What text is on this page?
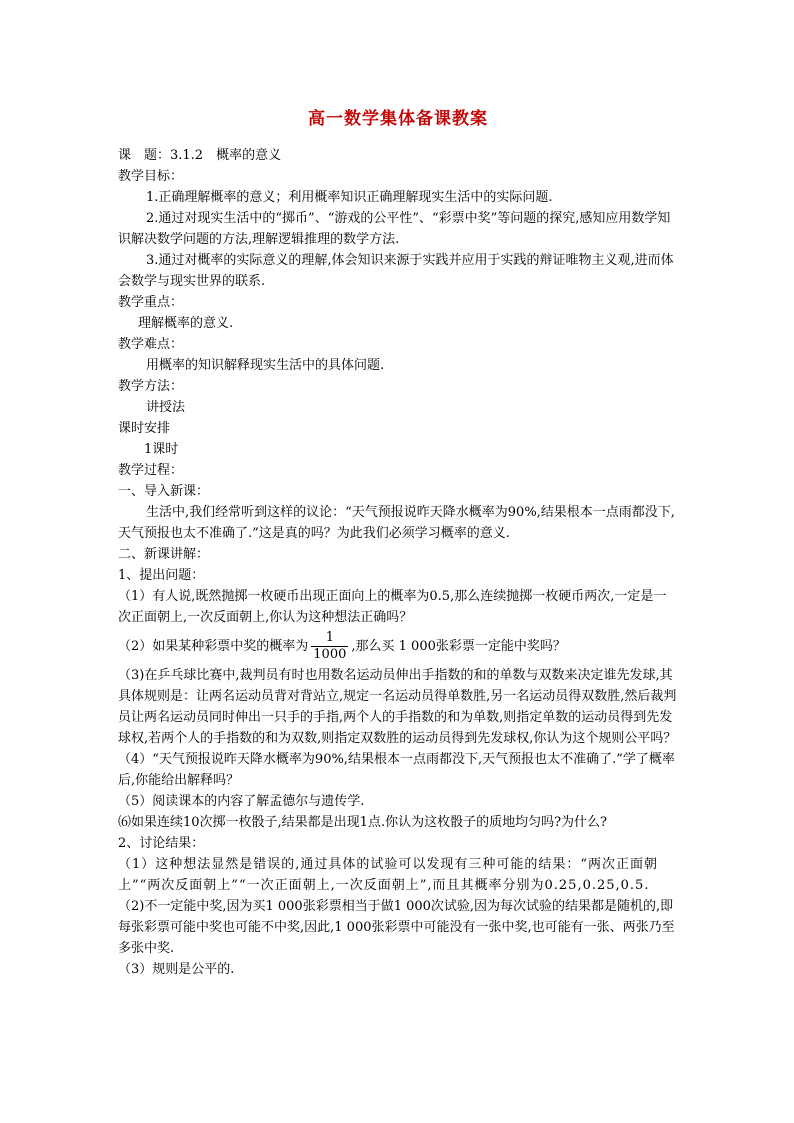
高一数学集体备课教案

课　题：3.1.2　概率的意义

教学目标：

1.正确理解概率的意义；利用概率知识正确理解现实生活中的实际问题.

2.通过对现实生活中的“掷币”、“游戏的公平性”、“彩票中奖”等问题的探究,感知应用数学知识解决数学问题的方法,理解逻辑推理的数学方法.

3.通过对概率的实际意义的理解,体会知识来源于实践并应用于实践的辩证唯物主义观,进而体会数学与现实世界的联系.

教学重点：

理解概率的意义.

教学难点：

用概率的知识解释现实生活中的具体问题.

教学方法：

讲授法

课时安排

1课时

教学过程：

一、导入新课：

生活中,我们经常听到这样的议论：“天气预报说昨天降水概率为90%,结果根本一点雨都没下,天气预报也太不准确了.”这是真的吗？为此我们必须学习概率的意义.

二、新课讲解：

1、提出问题：

（1）有人说,既然抛掷一枚硬币出现正面向上的概率为0.5,那么连续抛掷一枚硬币两次,一定是一次正面朝上,一次反面朝上,你认为这种想法正确吗？

（2）如果某种彩票中奖的概率为 $\frac{1}{1000}$ ,那么买 1 000张彩票一定能中奖吗？

（3)在乒乓球比赛中,裁判员有时也用数名运动员伸出手指数的和的单数与双数来决定谁先发球,其具体规则是：让两名运动员背对背站立,规定一名运动员得单数胜,另一名运动员得双数胜,然后裁判员让两名运动员同时伸出一只手的手指,两个人的手指数的和为单数,则指定单数的运动员得到先发球权,若两个人的手指数的和为双数,则指定双数胜的运动员得到先发球权,你认为这个规则公平吗？

（4）“天气预报说昨天降水概率为90%,结果根本一点雨都没下,天气预报也太不准确了.”学了概率后,你能给出解释吗？

（5）阅读课本的内容了解孟德尔与遗传学.

⑹如果连续10次掷一枚骰子,结果都是出现1点.你认为这枚骰子的质地均匀吗?为什么?

2、讨论结果：

（1）这种想法显然是错误的,通过具体的试验可以发现有三种可能的结果：“两次正面朝上”“两次反面朝上”“一次正面朝上,一次反面朝上”,而且其概率分别为0.25,0.25,0.5.

（2)不一定能中奖,因为买1 000张彩票相当于做1 000次试验,因为每次试验的结果都是随机的,即每张彩票可能中奖也可能不中奖,因此,1 000张彩票中可能没有一张中奖,也可能有一张、两张乃至多张中奖.

（3）规则是公平的.
